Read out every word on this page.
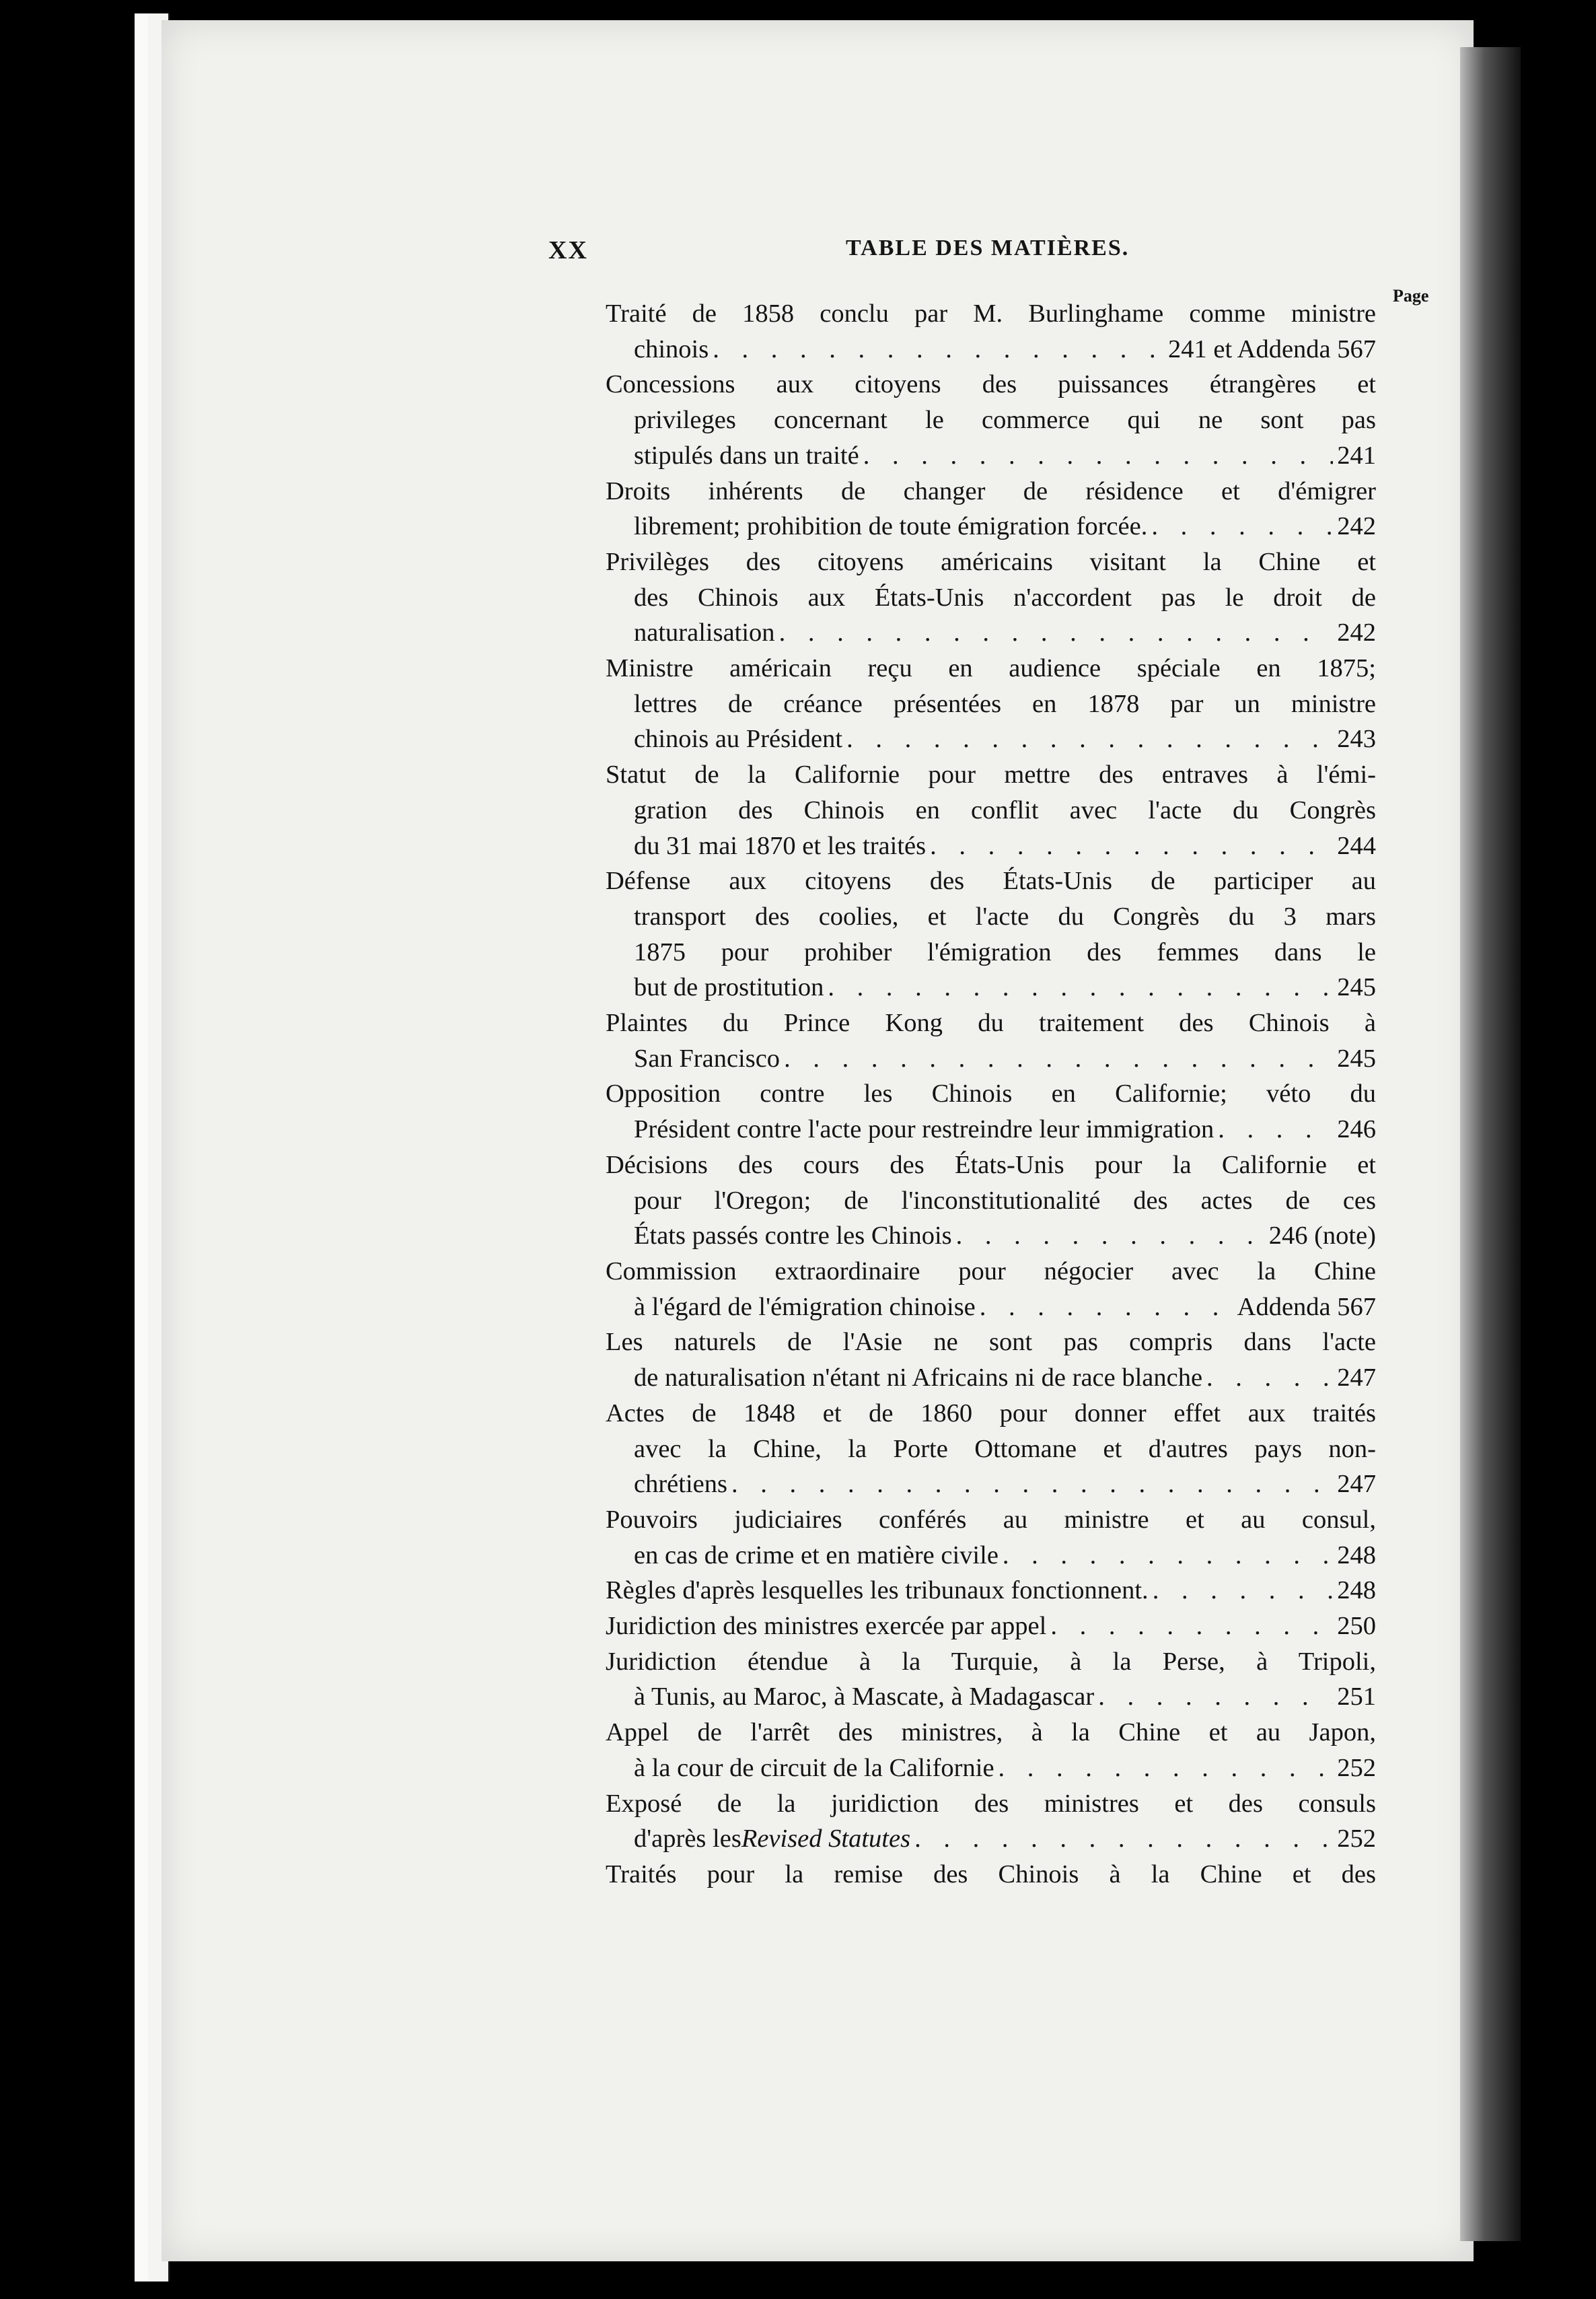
XX	TABLE DES MATIÈRES.
Page
Traité de 1858 conclu par M. Burlinghame comme ministre
chinois . . .	241 et Addenda 567
Concessions aux citoyens des puissances étrangères et
privileges concernant le commerce qui ne sont pas
stipulés dans un traité . . .	241
Droits inhérents de changer de résidence et d'émigrer
librement; prohibition de toute émigration forcée. . . .	242
Privilèges des citoyens américains visitant la Chine et
des Chinois aux États-Unis n'accordent pas le droit de
naturalisation . . .	242
Ministre américain reçu en audience spéciale en 1875;
lettres de créance présentées en 1878 par un ministre
chinois au Président . . .	243
Statut de la Californie pour mettre des entraves à l'émi-
gration des Chinois en conflit avec l'acte du Congrès
du 31 mai 1870 et les traités . . .	244
Défense aux citoyens des États-Unis de participer au
transport des coolies, et l'acte du Congrès du 3 mars
1875 pour prohiber l'émigration des femmes dans le
but de prostitution . . .	245
Plaintes du Prince Kong du traitement des Chinois à
San Francisco . . .	245
Opposition contre les Chinois en Californie; véto du
Président contre l'acte pour restreindre leur immigration . . .	246
Décisions des cours des États-Unis pour la Californie et
pour l'Oregon; de l'inconstitutionalité des actes de ces
États passés contre les Chinois . . .	246 (note)
Commission extraordinaire pour négocier avec la Chine
à l'égard de l'émigration chinoise . . .	Addenda 567
Les naturels de l'Asie ne sont pas compris dans l'acte
de naturalisation n'étant ni Africains ni de race blanche . . .	247
Actes de 1848 et de 1860 pour donner effet aux traités
avec la Chine, la Porte Ottomane et d'autres pays non-
chrétiens . . .	247
Pouvoirs judiciaires conférés au ministre et au consul,
en cas de crime et en matière civile . . .	248
Règles d'après lesquelles les tribunaux fonctionnent. . . .	248
Juridiction des ministres exercée par appel . . .	250
Juridiction étendue à la Turquie, à la Perse, à Tripoli,
à Tunis, au Maroc, à Mascate, à Madagascar . . .	251
Appel de l'arrêt des ministres, à la Chine et au Japon,
à la cour de circuit de la Californie . . .	252
Exposé de la juridiction des ministres et des consuls
d'après les Revised Statutes . . .	252
Traités pour la remise des Chinois à la Chine et des
